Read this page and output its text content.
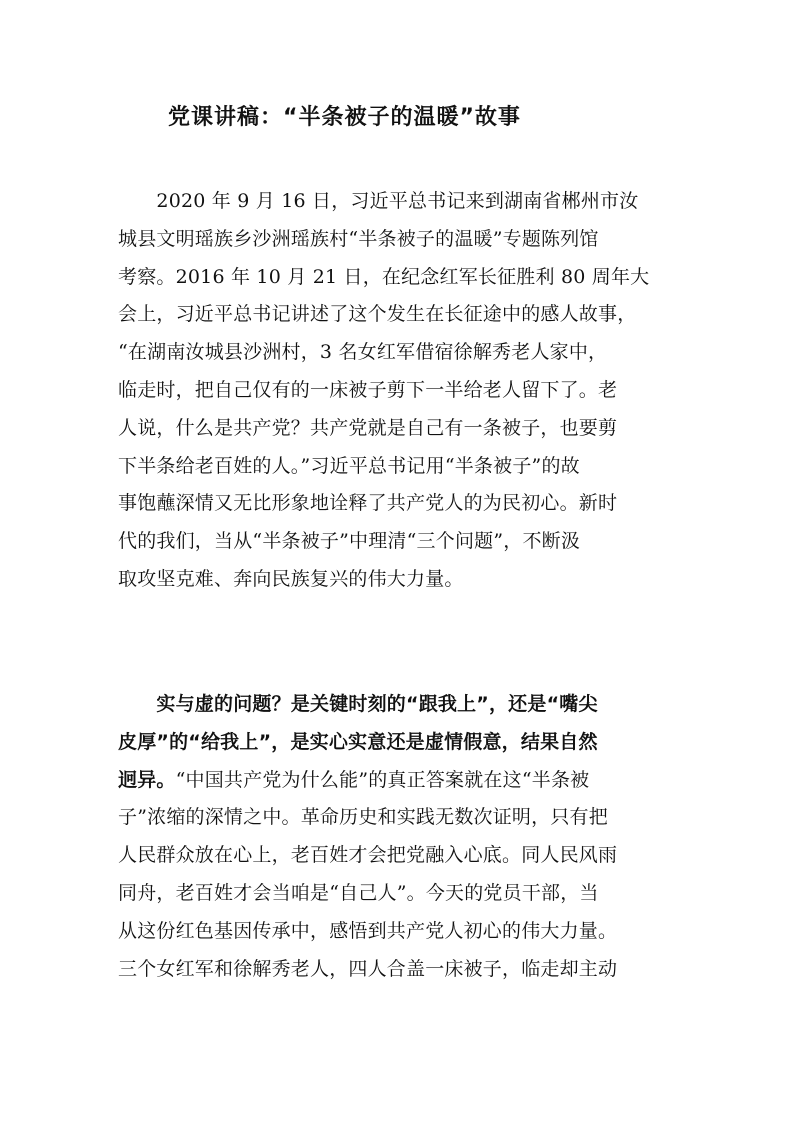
党课讲稿：“半条被子的温暖”故事
　　2020 年 9 月 16 日，习近平总书记来到湖南省郴州市汝
城县文明瑶族乡沙洲瑶族村“半条被子的温暖”专题陈列馆
考察。2016 年 10 月 21 日，在纪念红军长征胜利 80 周年大
会上，习近平总书记讲述了这个发生在长征途中的感人故事，
“在湖南汝城县沙洲村，3 名女红军借宿徐解秀老人家中，
临走时，把自己仅有的一床被子剪下一半给老人留下了。老
人说，什么是共产党？共产党就是自己有一条被子，也要剪
下半条给老百姓的人。”习近平总书记用“半条被子”的故
事饱蘸深情又无比形象地诠释了共产党人的为民初心。新时
代的我们，当从“半条被子”中理清“三个问题”，不断汲
取攻坚克难、奔向民族复兴的伟大力量。
　　实与虚的问题？是关键时刻的“跟我上”，还是“嘴尖
皮厚”的“给我上”，是实心实意还是虚情假意，结果自然
迥异。“中国共产党为什么能”的真正答案就在这“半条被
子”浓缩的深情之中。革命历史和实践无数次证明，只有把
人民群众放在心上，老百姓才会把党融入心底。同人民风雨
同舟，老百姓才会当咱是“自己人”。今天的党员干部，当
从这份红色基因传承中，感悟到共产党人初心的伟大力量。
三个女红军和徐解秀老人，四人合盖一床被子，临走却主动
